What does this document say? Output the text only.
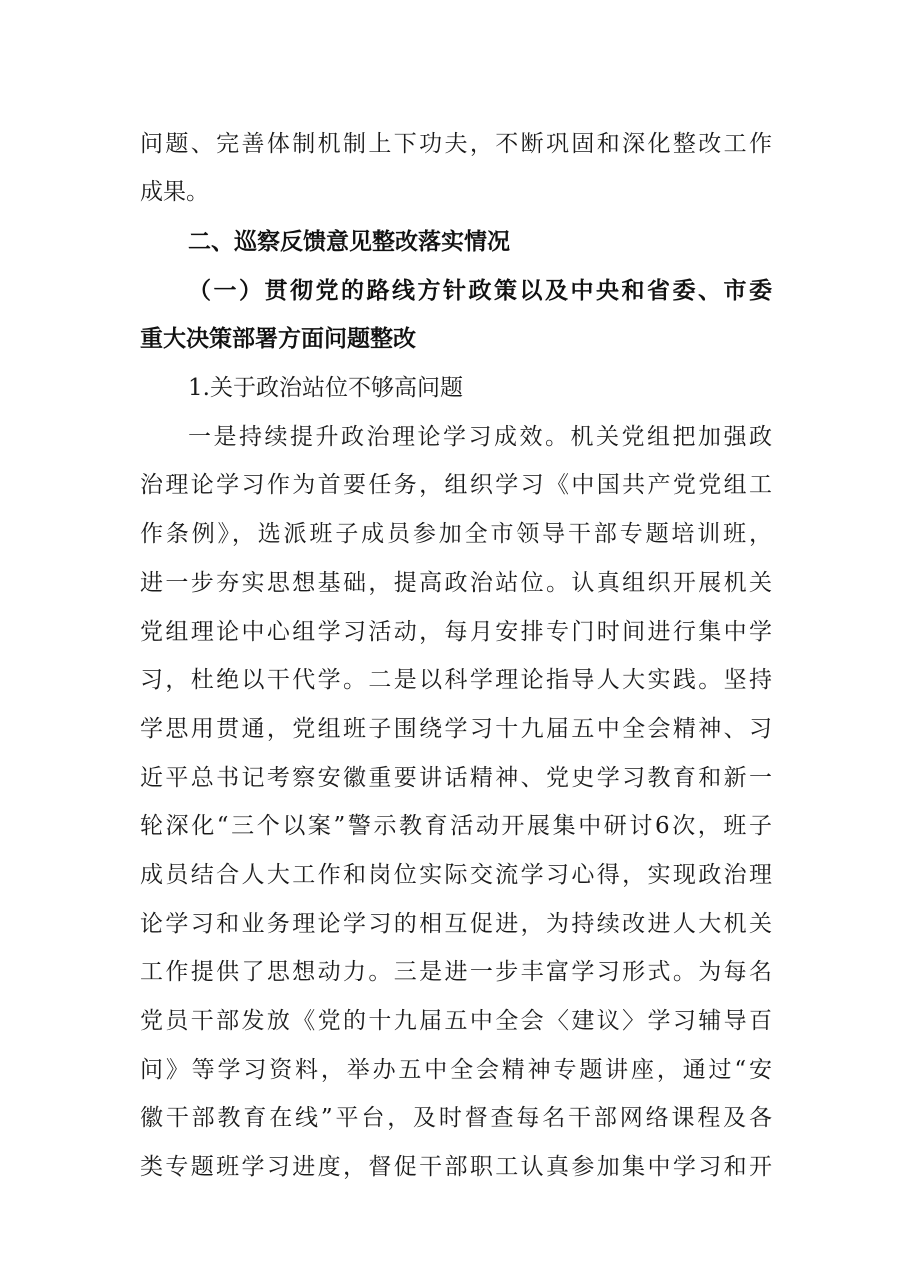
问题、完善体制机制上下功夫，不断巩固和深化整改工作

成果。

二、巡察反馈意见整改落实情况

（一）贯彻党的路线方针政策以及中央和省委、市委

重大决策部署方面问题整改

1.关于政治站位不够高问题

一是持续提升政治理论学习成效。机关党组把加强政

治理论学习作为首要任务，组织学习《中国共产党党组工

作条例》，选派班子成员参加全市领导干部专题培训班，

进一步夯实思想基础，提高政治站位。认真组织开展机关

党组理论中心组学习活动，每月安排专门时间进行集中学

习，杜绝以干代学。二是以科学理论指导人大实践。坚持

学思用贯通，党组班子围绕学习十九届五中全会精神、习

近平总书记考察安徽重要讲话精神、党史学习教育和新一

轮深化“三个以案”警示教育活动开展集中研讨6次，班子

成员结合人大工作和岗位实际交流学习心得，实现政治理

论学习和业务理论学习的相互促进，为持续改进人大机关

工作提供了思想动力。三是进一步丰富学习形式。为每名

党员干部发放《党的十九届五中全会〈建议〉学习辅导百

问》等学习资料，举办五中全会精神专题讲座，通过“安

徽干部教育在线”平台，及时督查每名干部网络课程及各

类专题班学习进度，督促干部职工认真参加集中学习和开
